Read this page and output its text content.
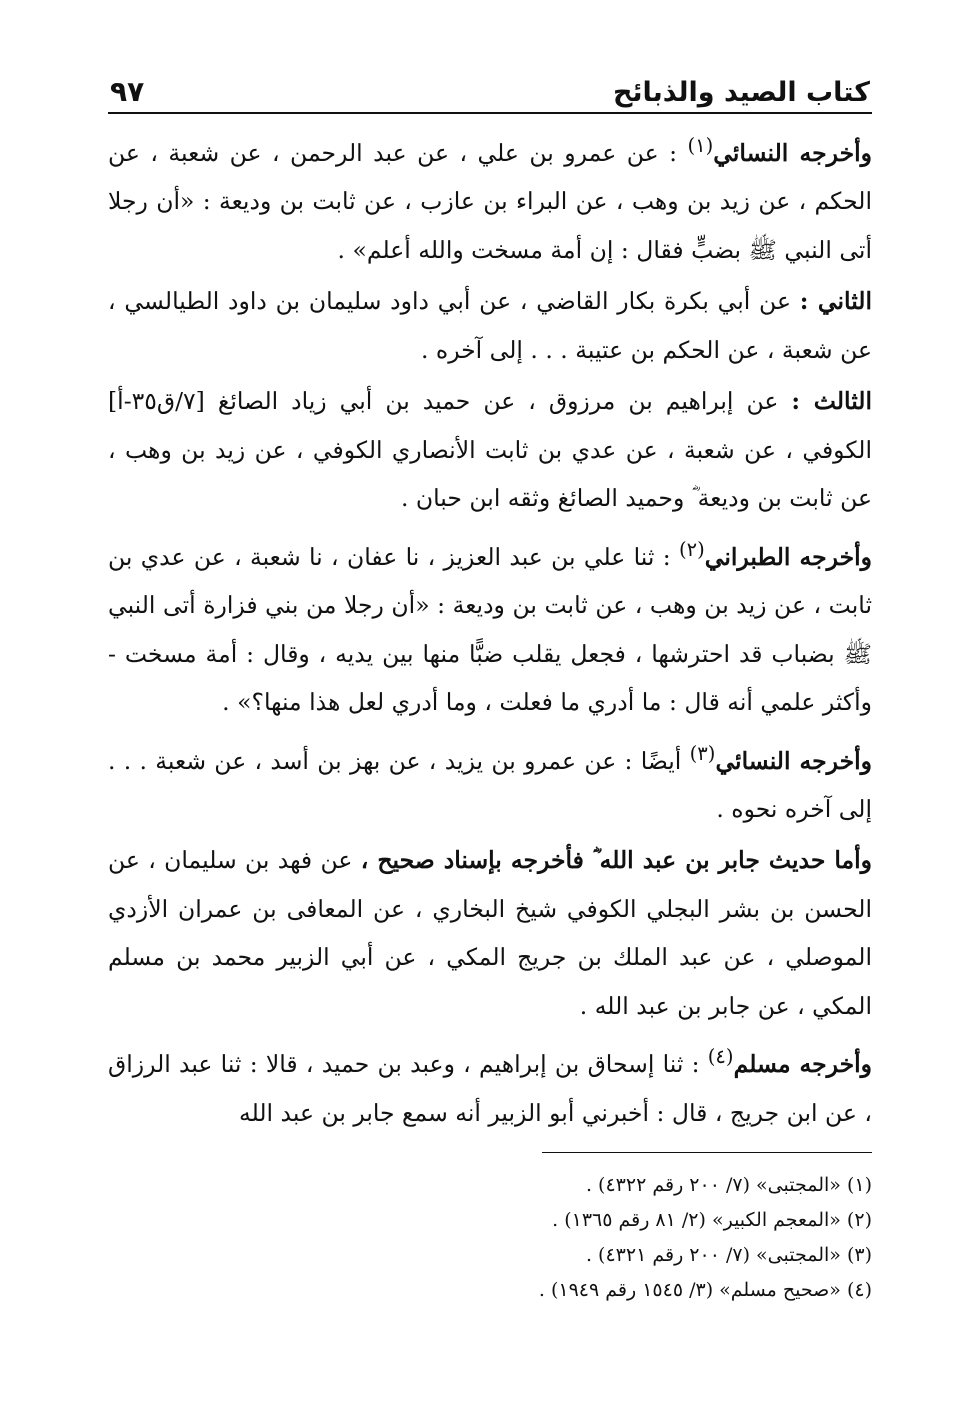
كتاب الصيد والذبائح
٩٧

وأخرجه النسائي$^{(١)}$ : عن عمرو بن علي ، عن عبد الرحمن ، عن شعبة ، عن الحكم ، عن زيد بن وهب ، عن البراء بن عازب ، عن ثابت بن وديعة : «أن رجلا أتى النبي ﷺ بضبٍّ فقال : إن أمة مسخت والله أعلم» .

الثاني : عن أبي بكرة بكار القاضي ، عن أبي داود سليمان بن داود الطيالسي ، عن شعبة ، عن الحكم بن عتيبة . . . إلى آخره .

الثالث : عن إبراهيم بن مرزوق ، عن حميد بن أبي زياد الصائغ [٧/ق٣٥-أ] الكوفي ، عن شعبة ، عن عدي بن ثابت الأنصاري الكوفي ، عن زيد بن وهب ، عن ثابت بن وديعة ؓ وحميد الصائغ وثقه ابن حبان .

وأخرجه الطبراني$^{(٢)}$ : ثنا علي بن عبد العزيز ، نا عفان ، نا شعبة ، عن عدي بن ثابت ، عن زيد بن وهب ، عن ثابت بن وديعة : «أن رجلا من بني فزارة أتى النبي ﷺ بضباب قد احترشها ، فجعل يقلب ضبًّا منها بين يديه ، وقال : أمة مسخت - وأكثر علمي أنه قال : ما أدري ما فعلت ، وما أدري لعل هذا منها؟» .

وأخرجه النسائي$^{(٣)}$ أيضًا : عن عمرو بن يزيد ، عن بهز بن أسد ، عن شعبة . . . إلى آخره نحوه .

وأما حديث جابر بن عبد الله ؓ فأخرجه بإسناد صحيح ، عن فهد بن سليمان ، عن الحسن بن بشر البجلي الكوفي شيخ البخاري ، عن المعافى بن عمران الأزدي الموصلي ، عن عبد الملك بن جريج المكي ، عن أبي الزبير محمد بن مسلم المكي ، عن جابر بن عبد الله .

وأخرجه مسلم$^{(٤)}$ : ثنا إسحاق بن إبراهيم ، وعبد بن حميد ، قالا : ثنا عبد الرزاق ، عن ابن جريج ، قال : أخبرني أبو الزبير أنه سمع جابر بن عبد الله

(١) «المجتبى» (٧/ ٢٠٠ رقم ٤٣٢٢) .

(٢) «المعجم الكبير» (٢/ ٨١ رقم ١٣٦٥) .

(٣) «المجتبى» (٧/ ٢٠٠ رقم ٤٣٢١) .

(٤) «صحيح مسلم» (٣/ ١٥٤٥ رقم ١٩٤٩) .
